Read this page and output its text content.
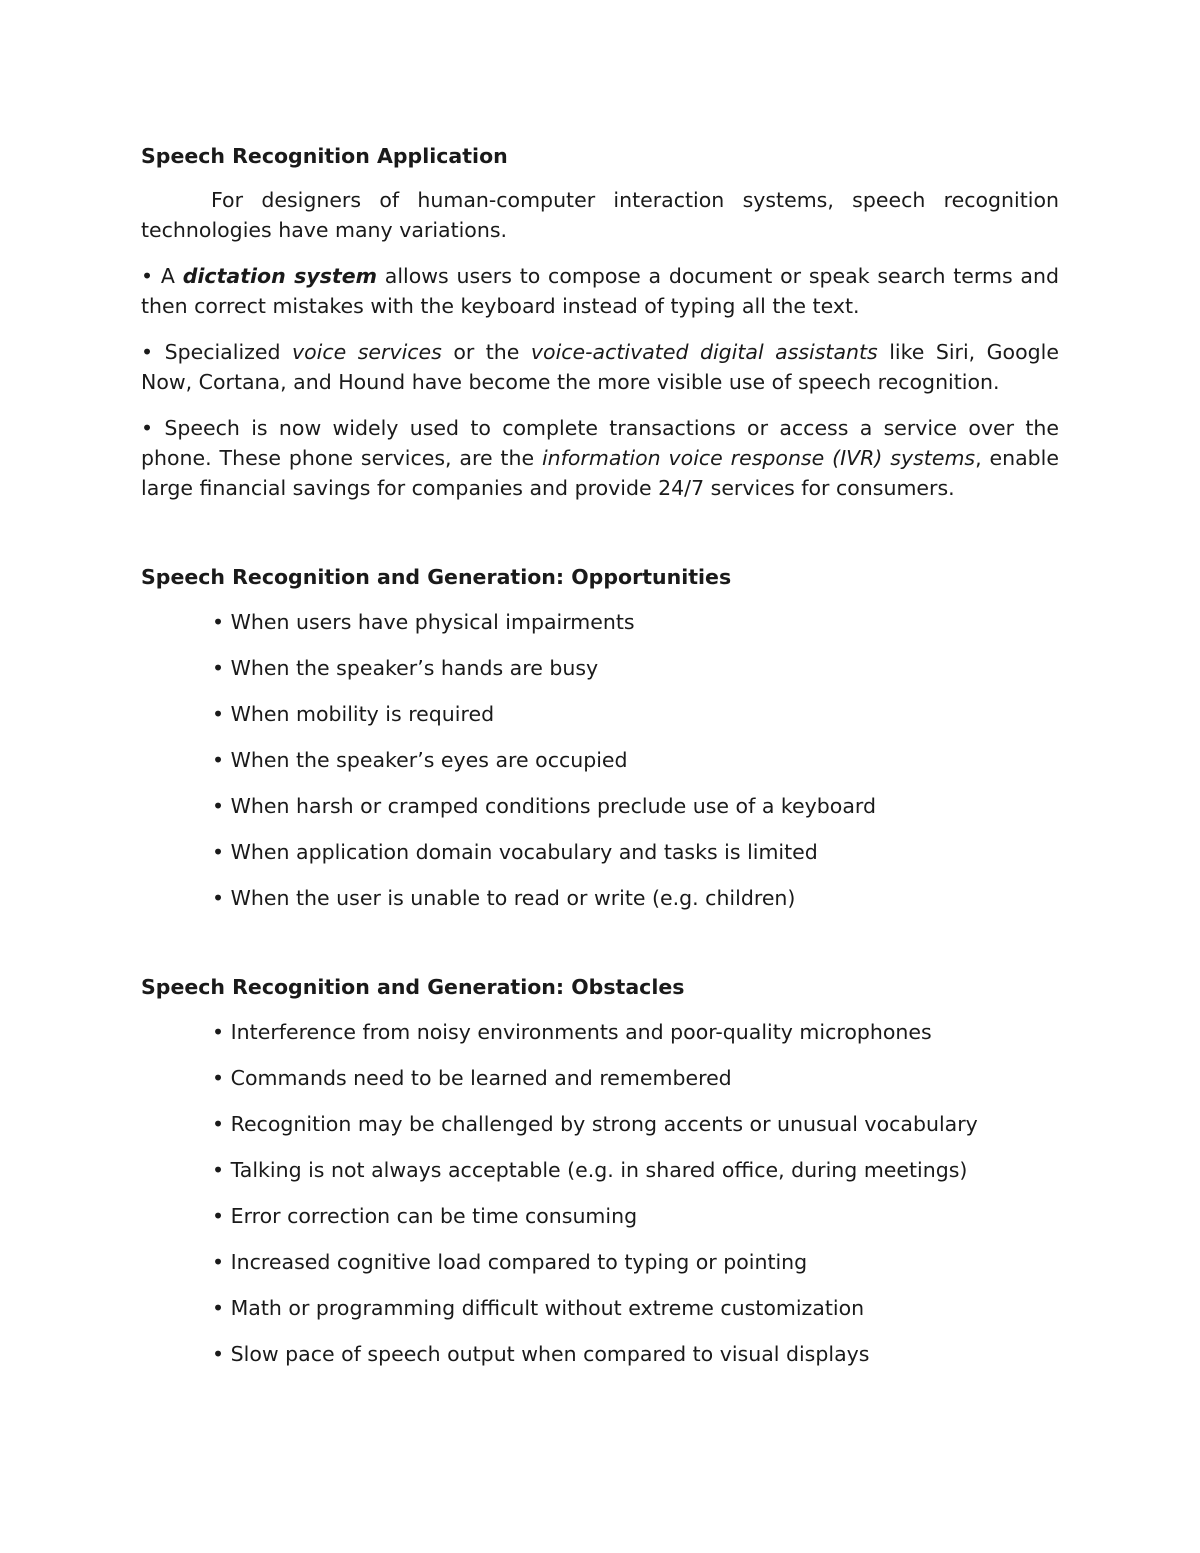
Speech Recognition Application

For designers of human-computer interaction systems, speech recognition technologies have many variations.

• A dictation system allows users to compose a document or speak search terms and then correct mistakes with the keyboard instead of typing all the text.

• Specialized voice services or the voice-activated digital assistants like Siri, Google Now, Cortana, and Hound have become the more visible use of speech recognition.

• Speech is now widely used to complete transactions or access a service over the phone. These phone services, are the information voice response (IVR) systems, enable large financial savings for companies and provide 24/7 services for consumers.

Speech Recognition and Generation: Opportunities
• When users have physical impairments
• When the speaker’s hands are busy
• When mobility is required
• When the speaker’s eyes are occupied
• When harsh or cramped conditions preclude use of a keyboard
• When application domain vocabulary and tasks is limited
• When the user is unable to read or write (e.g. children)
Speech Recognition and Generation: Obstacles
• Interference from noisy environments and poor-quality microphones
• Commands need to be learned and remembered
• Recognition may be challenged by strong accents or unusual vocabulary
• Talking is not always acceptable (e.g. in shared office, during meetings)
• Error correction can be time consuming
• Increased cognitive load compared to typing or pointing
• Math or programming difficult without extreme customization
• Slow pace of speech output when compared to visual displays
